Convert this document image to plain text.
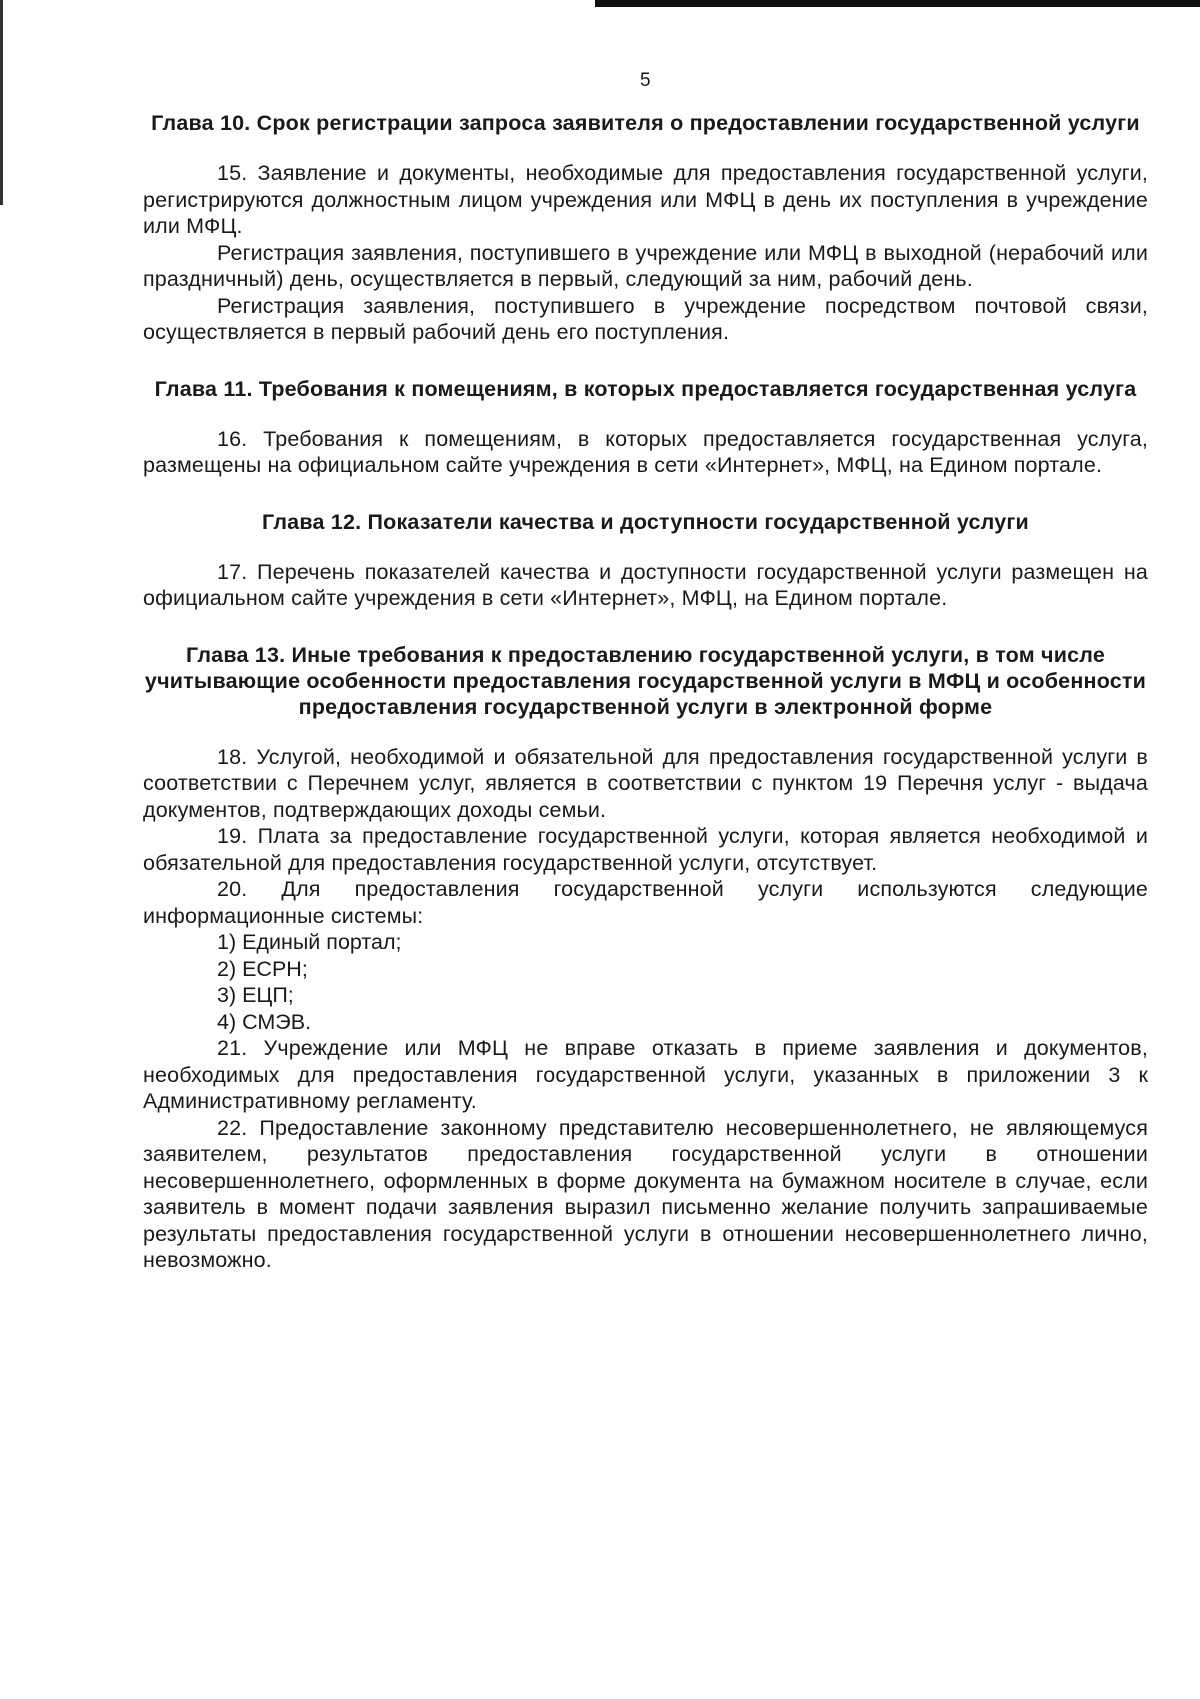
5
Глава 10. Срок регистрации запроса заявителя о предоставлении государственной услуги

15. Заявление и документы, необходимые для предоставления государственной услуги, регистрируются должностным лицом учреждения или МФЦ в день их поступления в учреждение или МФЦ.

Регистрация заявления, поступившего в учреждение или МФЦ в выходной (нерабочий или праздничный) день, осуществляется в первый, следующий за ним, рабочий день.

Регистрация заявления, поступившего в учреждение посредством почтовой связи, осуществляется в первый рабочий день его поступления.

Глава 11. Требования к помещениям, в которых предоставляется государственная услуга

16. Требования к помещениям, в которых предоставляется государственная услуга, размещены на официальном сайте учреждения в сети «Интернет», МФЦ, на Едином портале.

Глава 12. Показатели качества и доступности государственной услуги

17. Перечень показателей качества и доступности государственной услуги размещен на официальном сайте учреждения в сети «Интернет», МФЦ, на Едином портале.

Глава 13. Иные требования к предоставлению государственной услуги, в том числе учитывающие особенности предоставления государственной услуги в МФЦ и особенности предоставления государственной услуги в электронной форме

18. Услугой, необходимой и обязательной для предоставления государственной услуги в соответствии с Перечнем услуг, является в соответствии с пунктом 19 Перечня услуг - выдача документов, подтверждающих доходы семьи.

19. Плата за предоставление государственной услуги, которая является необходимой и обязательной для предоставления государственной услуги, отсутствует.

20. Для предоставления государственной услуги используются следующие информационные системы:

1) Единый портал;
2) ЕСРН;
3) ЕЦП;
4) СМЭВ.

21. Учреждение или МФЦ не вправе отказать в приеме заявления и документов, необходимых для предоставления государственной услуги, указанных в приложении 3 к Административному регламенту.

22. Предоставление законному представителю несовершеннолетнего, не являющемуся заявителем, результатов предоставления государственной услуги в отношении несовершеннолетнего, оформленных в форме документа на бумажном носителе в случае, если заявитель в момент подачи заявления выразил письменно желание получить запрашиваемые результаты предоставления государственной услуги в отношении несовершеннолетнего лично, невозможно.
